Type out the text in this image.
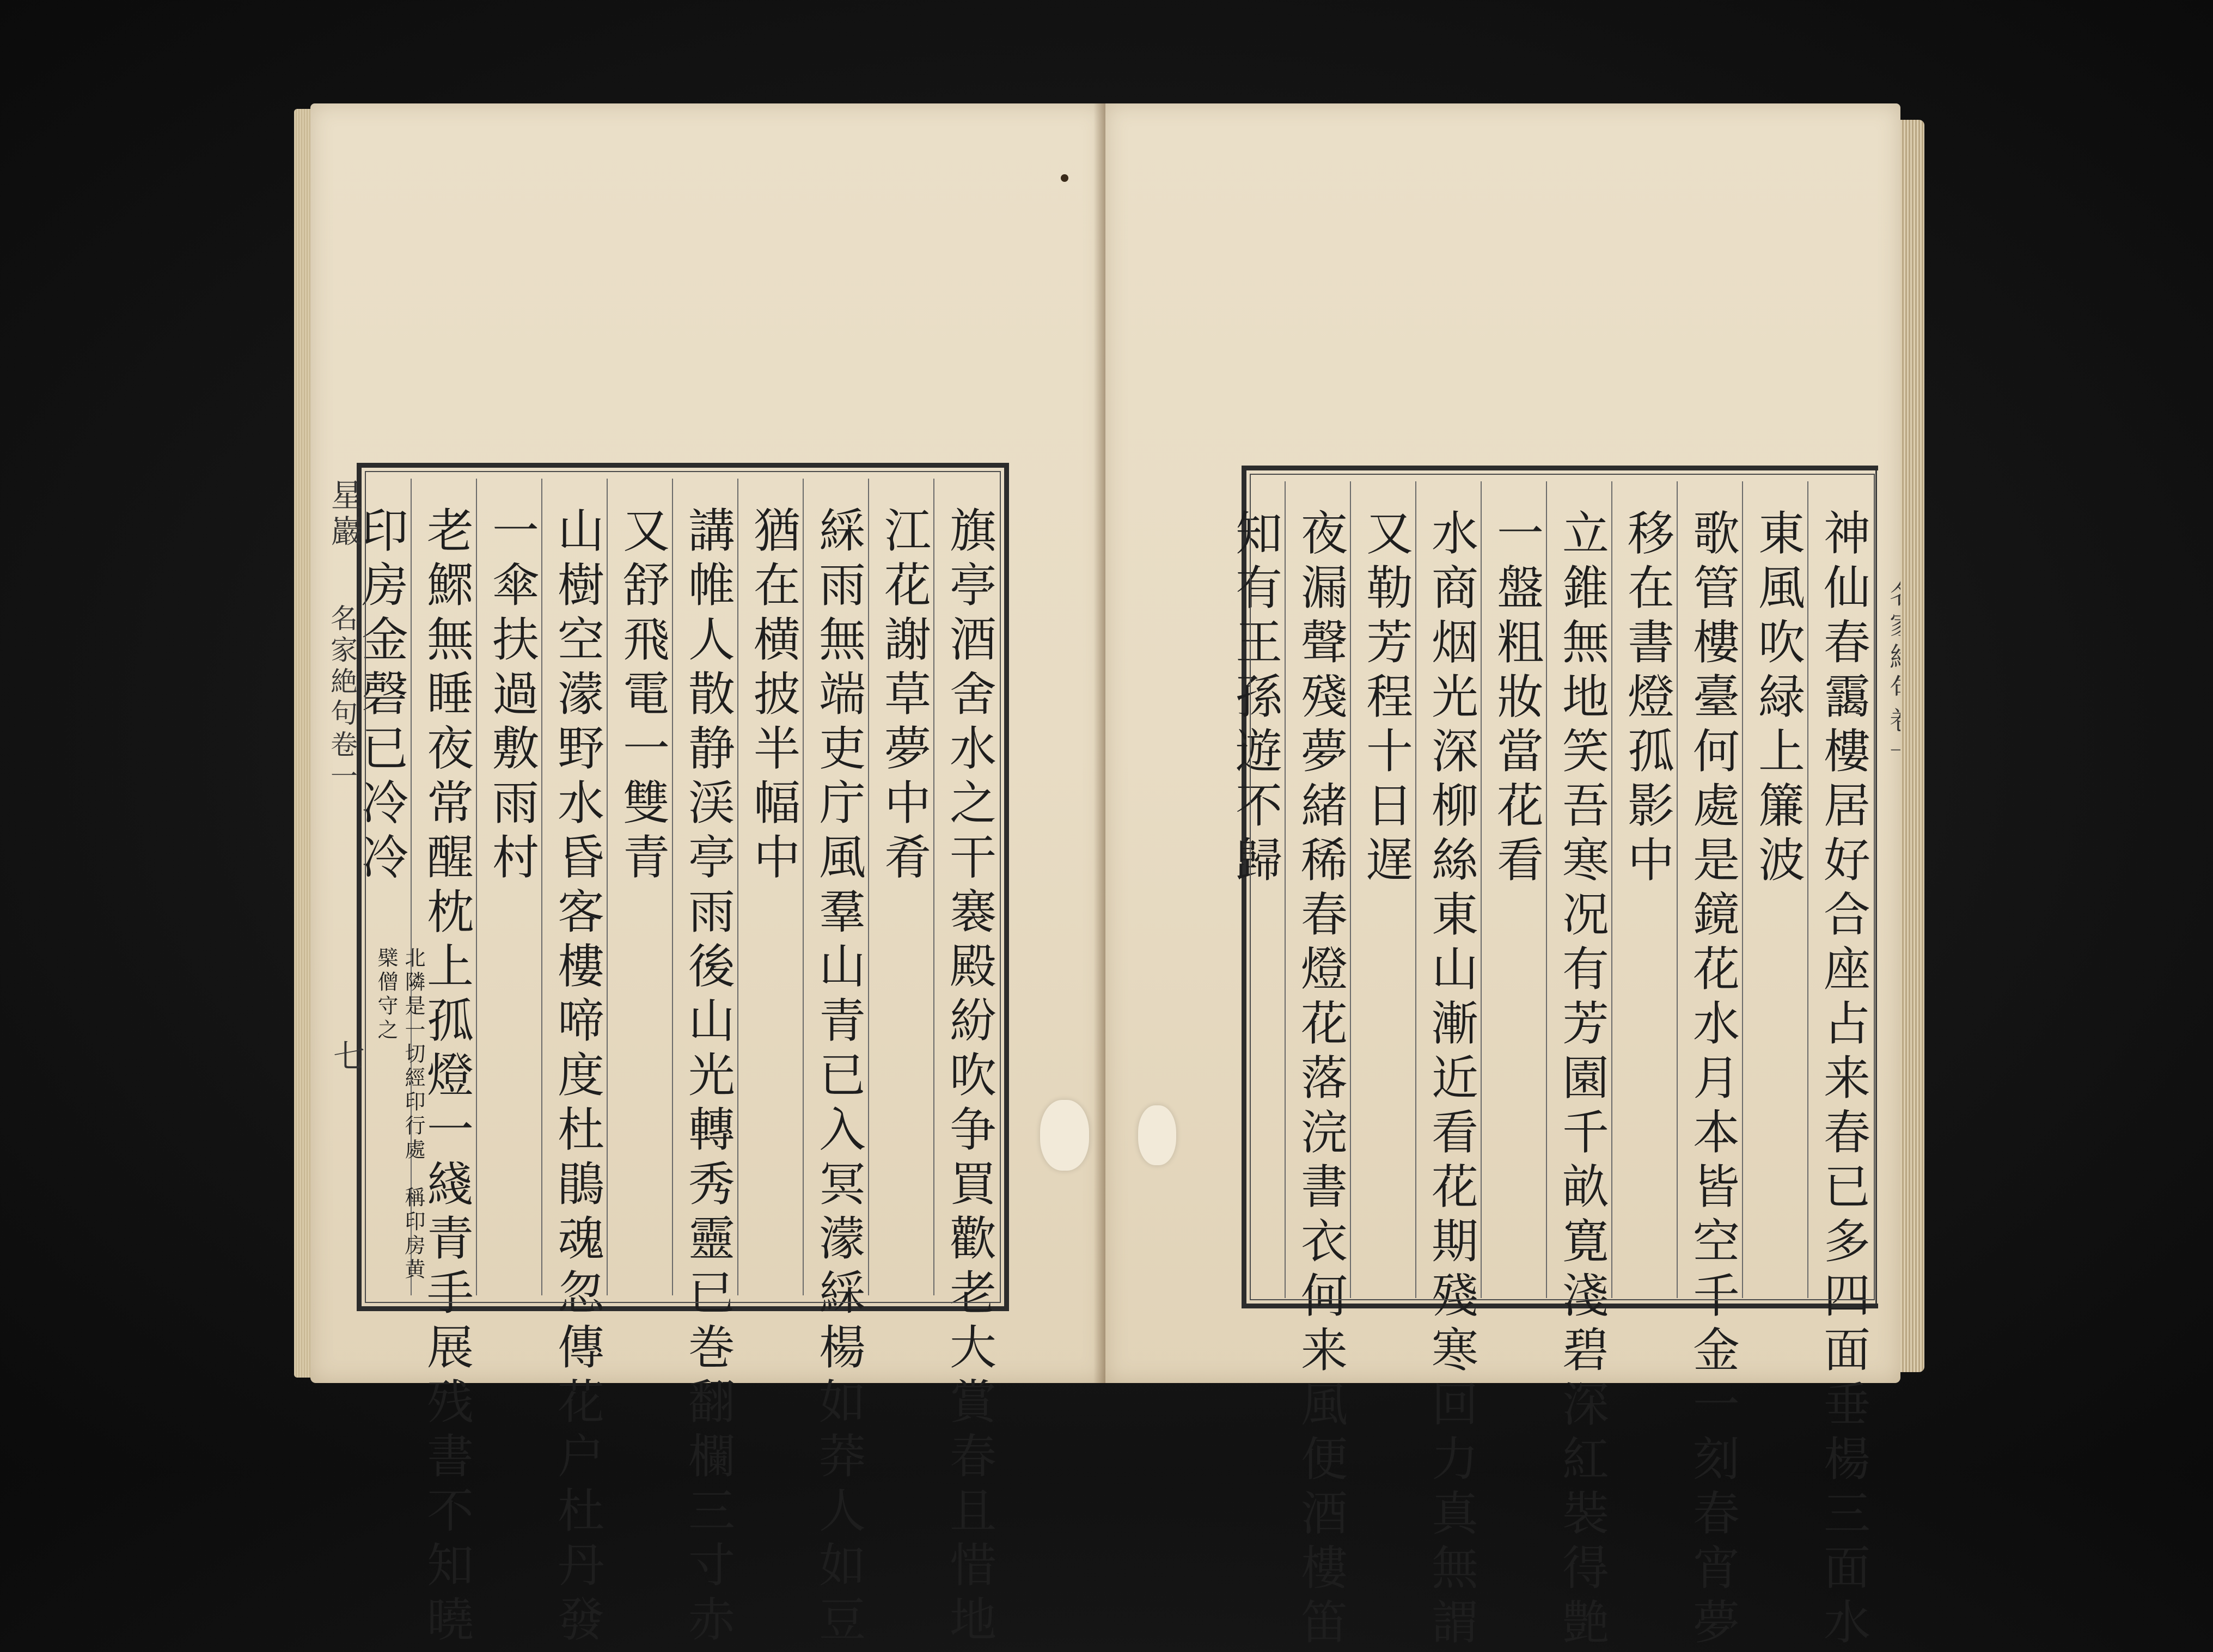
星巖
名家絶句卷一
七	旗亭酒舍水之干褰殿紛吹争買歡老大賞春且惜地
江花謝草夢中肴
綵雨無端吏庁風羣山青已入冥濛綵楊如莽人如豆
猶在横披半幅中
講帷人散静渓亭雨後山光轉秀靈已巻翻欄三寸赤
又舒飛電一雙青
山樹空濛野水昏客樓啼度杜鵑魂忽傳花户杜丹發
一傘扶過敷雨村
老鰥無睡夜常醒枕上孤燈一綫青手展残書不知曉
印房金磬已冷冷
北隣是一切經印行處　稱印房黄檗僧守之
　　　　	神仙春靄樓居好合座占来春已多四面垂楊三面水
東風吹緑上簾波
歌管樓臺何處是鏡花水月本皆空千金一刻春宵夢
移在書燈孤影中
立錐無地笑吾寒况有芳園千畝寛淺碧深紅裝得艶
一盤粗妝當花看
水商烟光深柳絲東山漸近看花期殘寒回力真無謂
又勒芳程十日遅
夜漏聲殘夢緒稀春燈花落浣書衣何来風便酒樓笛
知有王孫遊不歸
